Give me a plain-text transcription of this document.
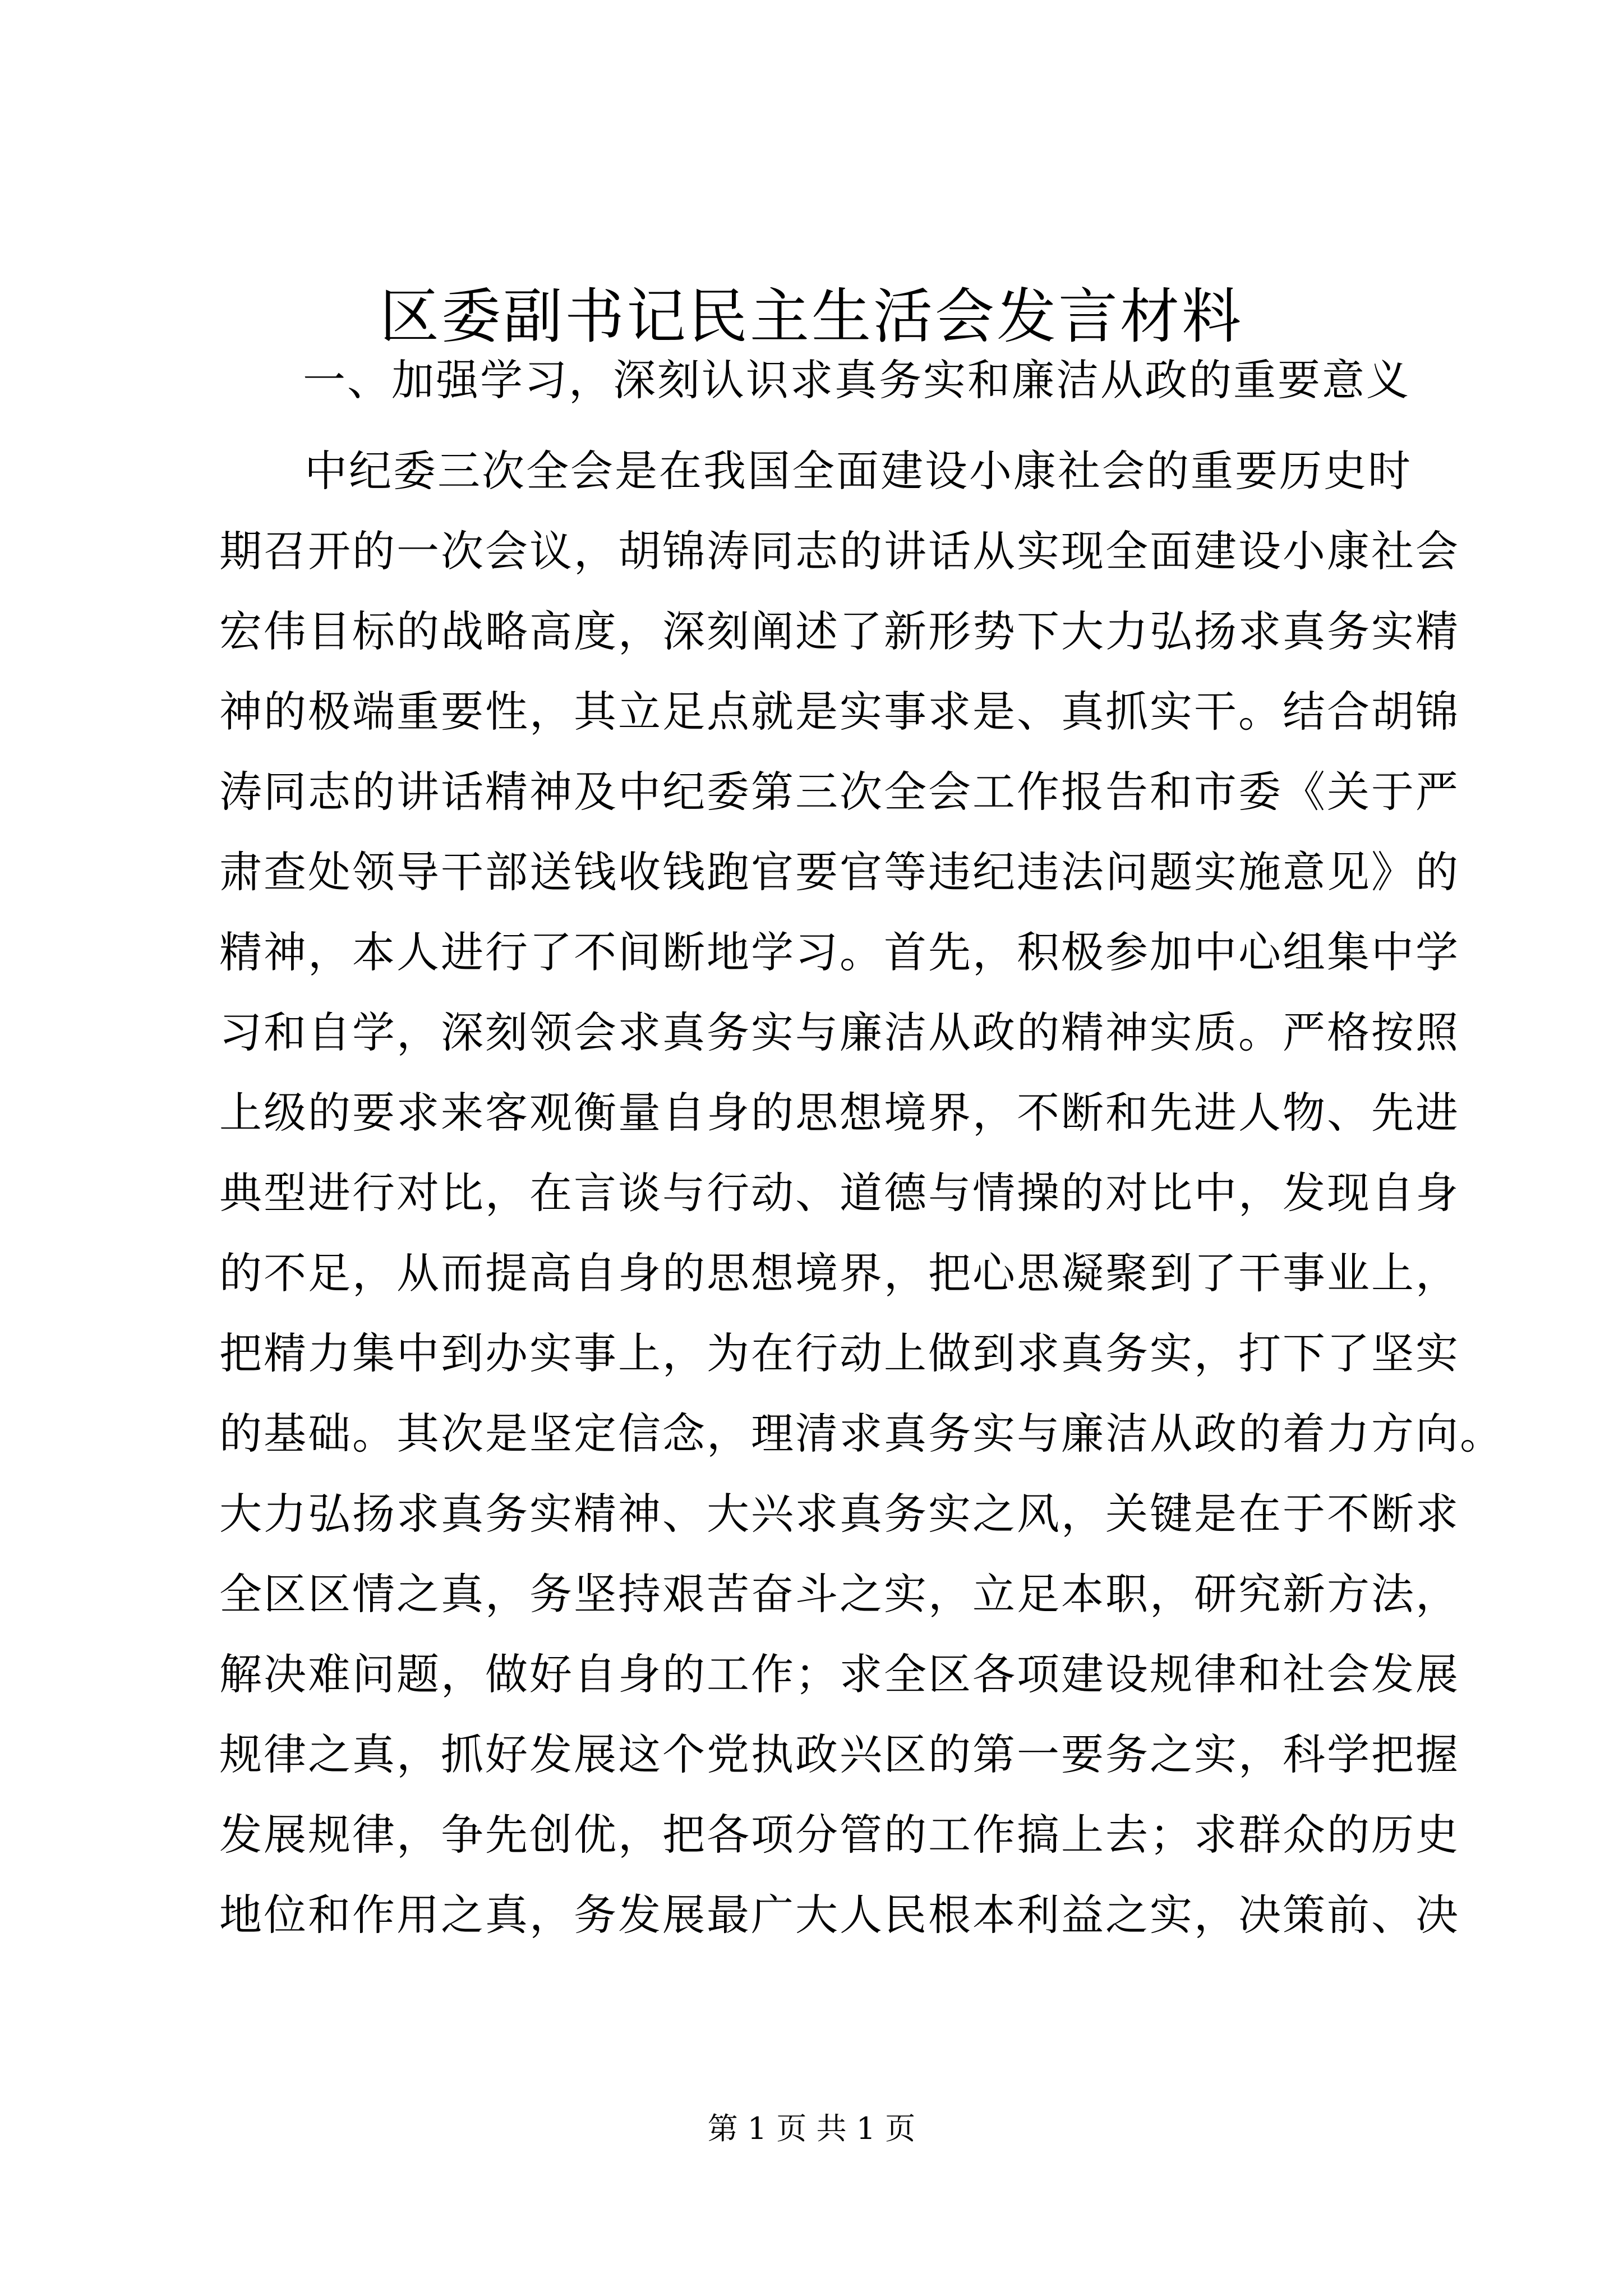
区委副书记民主生活会发言材料

一、加强学习，深刻认识求真务实和廉洁从政的重要意义

中纪委三次全会是在我国全面建设小康社会的重要历史时
期召开的一次会议，胡锦涛同志的讲话从实现全面建设小康社会
宏伟目标的战略高度，深刻阐述了新形势下大力弘扬求真务实精
神的极端重要性，其立足点就是实事求是、真抓实干。结合胡锦
涛同志的讲话精神及中纪委第三次全会工作报告和市委《关于严
肃查处领导干部送钱收钱跑官要官等违纪违法问题实施意见》的
精神，本人进行了不间断地学习。首先，积极参加中心组集中学
习和自学，深刻领会求真务实与廉洁从政的精神实质。严格按照
上级的要求来客观衡量自身的思想境界，不断和先进人物、先进
典型进行对比，在言谈与行动、道德与情操的对比中，发现自身
的不足，从而提高自身的思想境界，把心思凝聚到了干事业上，
把精力集中到办实事上，为在行动上做到求真务实，打下了坚实
的基础。其次是坚定信念，理清求真务实与廉洁从政的着力方向。
大力弘扬求真务实精神、大兴求真务实之风，关键是在于不断求
全区区情之真，务坚持艰苦奋斗之实，立足本职，研究新方法，
解决难问题，做好自身的工作；求全区各项建设规律和社会发展
规律之真，抓好发展这个党执政兴区的第一要务之实，科学把握
发展规律，争先创优，把各项分管的工作搞上去；求群众的历史
地位和作用之真，务发展最广大人民根本利益之实，决策前、决

第 1 页 共 1 页
